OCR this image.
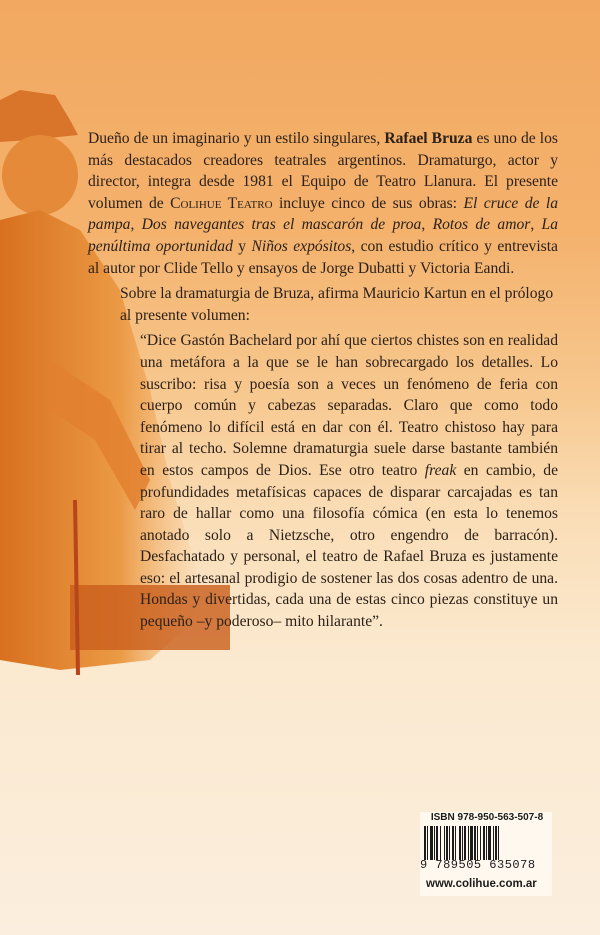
Dueño de un imaginario y un estilo singulares, Rafael Bruza es uno de los más destacados creadores teatrales argentinos. Dramaturgo, actor y director, integra desde 1981 el Equipo de Teatro Llanura. El presente volumen de Colihue Teatro incluye cinco de sus obras: El cruce de la pampa, Dos navegantes tras el mascarón de proa, Rotos de amor, La penúltima oportunidad y Niños expósitos, con estudio crítico y entrevista al autor por Clide Tello y ensayos de Jorge Dubatti y Victoria Eandi.

Sobre la dramaturgia de Bruza, afirma Mauricio Kartun en el prólogo al presente volumen:

“Dice Gastón Bachelard por ahí que ciertos chistes son en realidad una metáfora a la que se le han sobrecargado los detalles. Lo suscribo: risa y poesía son a veces un fenómeno de feria con cuerpo común y cabezas separadas. Claro que como todo fenómeno lo difícil está en dar con él. Teatro chistoso hay para tirar al techo. Solemne dramaturgia suele darse bastante también en estos campos de Dios. Ese otro teatro freak en cambio, de profundidades metafísicas capaces de disparar carcajadas es tan raro de hallar como una filosofía cómica (en esta lo tenemos anotado solo a Nietzsche, otro engendro de barracón). Desfachatado y personal, el teatro de Rafael Bruza es justamente eso: el artesanal prodigio de sostener las dos cosas adentro de una. Hondas y divertidas, cada una de estas cinco piezas constituye un pequeño –y poderoso– mito hilarante”.

ISBN 978-950-563-507-8
9 789505 635078
www.colihue.com.ar
